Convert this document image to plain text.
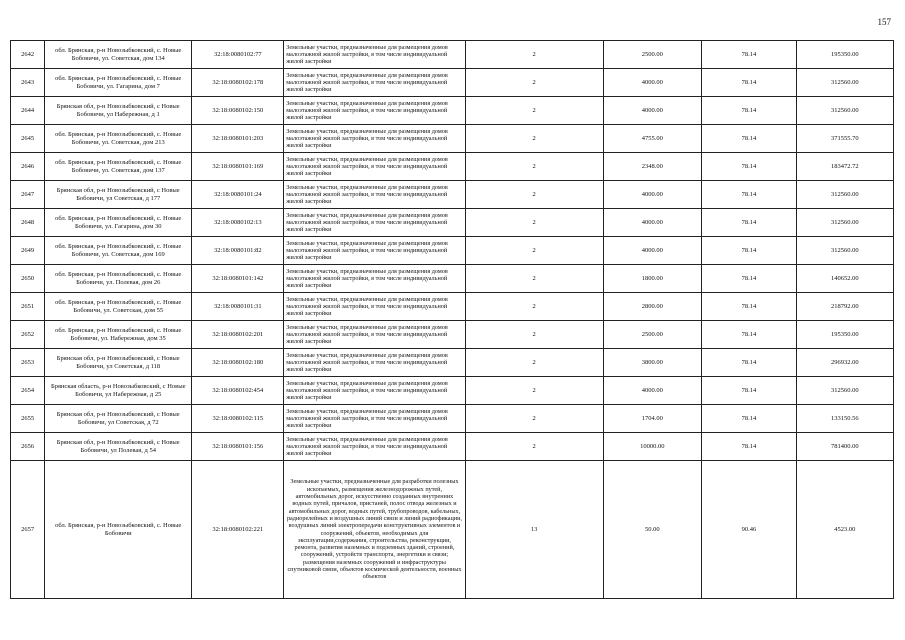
157
2642	обл. Брянская, р-н Новозыбковский, с. Новые Бобовичи, ул. Советская, дом 134	32:18:0080102:77	Земельные участки, предназначенные для размещения домов малоэтажной жилой застройки, в том числе индивидуальной жилой застройки	2	2500.00	78.14	195350.00
2643	обл. Брянская, р-н Новозыбковский, с. Новые Бобовичи, ул. Гагарина, дом 7	32:18:0080102:178	Земельные участки, предназначенные для размещения домов малоэтажной жилой застройки, в том числе индивидуальной жилой застройки	2	4000.00	78.14	312560.00
2644	Брянская обл, р-н Новозыбковский, с Новые Бобовичи, ул Набережная, д 1	32:18:0080102:150	Земельные участки, предназначенные для размещения домов малоэтажной жилой застройки, в том числе индивидуальной жилой застройки	2	4000.00	78.14	312560.00
2645	обл. Брянская, р-н Новозыбковский, с. Новые Бобовичи, ул. Советская, дом 213	32:18:0080101:203	Земельные участки, предназначенные для размещения домов малоэтажной жилой застройки, в том числе индивидуальной жилой застройки	2	4755.00	78.14	371555.70
2646	обл. Брянская, р-н Новозыбковский, с. Новые Бобовичи, ул. Советская, дом 137	32:18:0080101:169	Земельные участки, предназначенные для размещения домов малоэтажной жилой застройки, в том числе индивидуальной жилой застройки	2	2348.00	78.14	183472.72
2647	Брянская обл, р-н Новозыбковский, с Новые Бобовичи, ул Советская, д 177	32:18:0080101:24	Земельные участки, предназначенные для размещения домов малоэтажной жилой застройки, в том числе индивидуальной жилой застройки	2	4000.00	78.14	312560.00
2648	обл. Брянская, р-н Новозыбковский, с. Новые Бобовичи, ул. Гагарина, дом 30	32:18:0080102:13	Земельные участки, предназначенные для размещения домов малоэтажной жилой застройки, в том числе индивидуальной жилой застройки	2	4000.00	78.14	312560.00
2649	обл. Брянская, р-н Новозыбковский, с. Новые Бобовичи, ул. Советская, дом 169	32:18:0080101:82	Земельные участки, предназначенные для размещения домов малоэтажной жилой застройки, в том числе индивидуальной жилой застройки	2	4000.00	78.14	312560.00
2650	обл. Брянская, р-н Новозыбковский, с. Новые Бобовичи, ул. Полевая, дом 26	32:18:0080101:142	Земельные участки, предназначенные для размещения домов малоэтажной жилой застройки, в том числе индивидуальной жилой застройки	2	1800.00	78.14	140652.00
2651	обл. Брянская, р-н Новозыбковский, с. Новые Бобовичи, ул. Советская, дом 55	32:18:0080101:31	Земельные участки, предназначенные для размещения домов малоэтажной жилой застройки, в том числе индивидуальной жилой застройки	2	2800.00	78.14	218792.00
2652	обл. Брянская, р-н Новозыбковский, с. Новые Бобовичи, ул. Набережная, дом 35	32:18:0080102:201	Земельные участки, предназначенные для размещения домов малоэтажной жилой застройки, в том числе индивидуальной жилой застройки	2	2500.00	78.14	195350.00
2653	Брянская обл, р-н Новозыбковский, с Новые Бобовичи, ул Советская, д 118	32:18:0080102:180	Земельные участки, предназначенные для размещения домов малоэтажной жилой застройки, в том числе индивидуальной жилой застройки	2	3800.00	78.14	296932.00
2654	Брянская область, р-н Новозыбковский, с Новые Бобовичи, ул Набережная, д 25	32:18:0080102:454	Земельные участки, предназначенные для размещения домов малоэтажной жилой застройки, в том числе индивидуальной жилой застройки	2	4000.00	78.14	312560.00
2655	Брянская обл, р-н Новозыбковский, с Новые Бобовичи, ул Советская, д 72	32:18:0080102:115	Земельные участки, предназначенные для размещения домов малоэтажной жилой застройки, в том числе индивидуальной жилой застройки	2	1704.00	78.14	133150.56
2656	Брянская обл, р-н Новозыбковский, с Новые Бобовичи, ул Полевая, д 54	32:18:0080101:156	Земельные участки, предназначенные для размещения домов малоэтажной жилой застройки, в том числе индивидуальной жилой застройки	2	10000.00	78.14	781400.00
2657	обл. Брянская, р-н Новозыбковский, с. Новые Бобовичи	32:18:0080102:221	Земельные участки, предназначенные для разработки полезных ископаемых, размещения железнодорожных путей, автомобильных дорог, искусственно созданных внутренних водных путей, причалов, пристаней, полос отвода железных и автомобильных дорог, водных путей, трубопроводов, кабельных, радиорелейных и воздушных линий связи и линий радиофикации, воздушных линий электропередачи конструктивных элементов и сооружений, объектов, необходимых для эксплуатации,содержания, строительства, реконструкции, ремонта, развития наземных и подземных зданий, строений, сооружений, устройств транспорта, энергетики и связи; размещения наземных сооружений и инфраструктуры спутниковой связи, объектов космической деятельности, военных объектов	13	50.00	90.46	4523.00
